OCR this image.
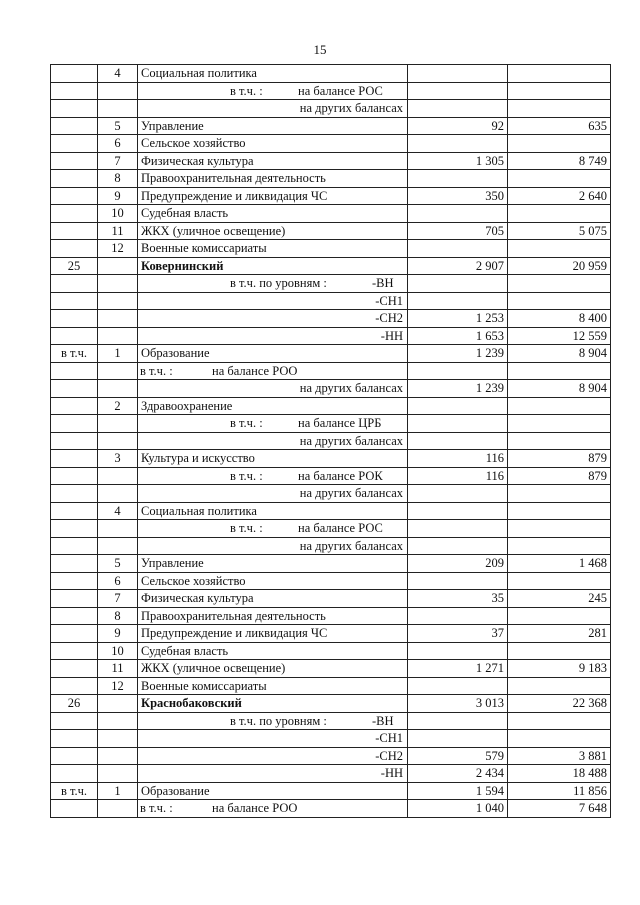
15
	4	Социальная политика		
		в т.ч. : на балансе РОС		
		на других балансах		
	5	Управление	92	635
	6	Сельское хозяйство		
	7	Физическая культура	1 305	8 749
	8	Правоохранительная деятельность		
	9	Предупреждение и ликвидация ЧС	350	2 640
	10	Судебная власть		
	11	ЖКХ (уличное освещение)	705	5 075
	12	Военные комиссариаты		
25		Ковернинский	2 907	20 959
		в т.ч. по уровням : -ВН		
		-СН1		
		-СН2	1 253	8 400
		-НН	1 653	12 559
в т.ч.	1	Образование	1 239	8 904
		в т.ч. : на балансе РОО		
		на других балансах	1 239	8 904
	2	Здравоохранение		
		в т.ч. : на балансе ЦРБ		
		на других балансах		
	3	Культура и искусство	116	879
		в т.ч. : на балансе РОК	116	879
		на других балансах		
	4	Социальная политика		
		в т.ч. : на балансе РОС		
		на других балансах		
	5	Управление	209	1 468
	6	Сельское хозяйство		
	7	Физическая культура	35	245
	8	Правоохранительная деятельность		
	9	Предупреждение и ликвидация ЧС	37	281
	10	Судебная власть		
	11	ЖКХ (уличное освещение)	1 271	9 183
	12	Военные комиссариаты		
26		Краснобаковский	3 013	22 368
		в т.ч. по уровням : -ВН		
		-СН1		
		-СН2	579	3 881
		-НН	2 434	18 488
в т.ч.	1	Образование	1 594	11 856
		в т.ч. : на балансе РОО	1 040	7 648
